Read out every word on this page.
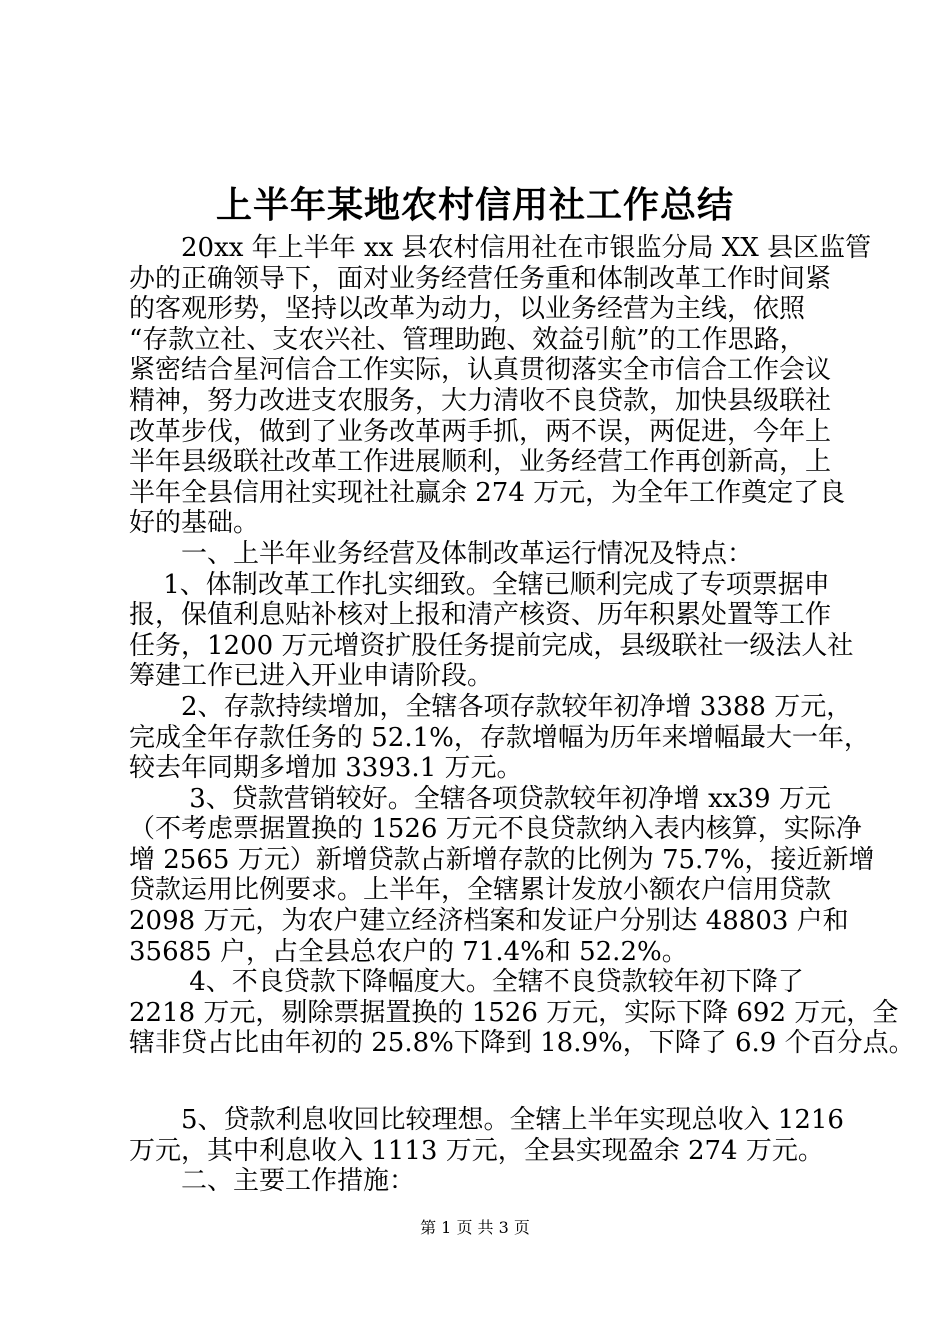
上半年某地农村信用社工作总结
　　20xx 年上半年 xx 县农村信用社在市银监分局 XX 县区监管
办的正确领导下，面对业务经营任务重和体制改革工作时间紧
的客观形势，坚持以改革为动力，以业务经营为主线，依照
“存款立社、支农兴社、管理助跑、效益引航”的工作思路，
紧密结合星河信合工作实际，认真贯彻落实全市信合工作会议
精神，努力改进支农服务，大力清收不良贷款，加快县级联社
改革步伐，做到了业务改革两手抓，两不误，两促进，今年上
半年县级联社改革工作进展顺利，业务经营工作再创新高，上
半年全县信用社实现社社赢余 274 万元，为全年工作奠定了良
好的基础。
　　一、上半年业务经营及体制改革运行情况及特点：
　 1、体制改革工作扎实细致。全辖已顺利完成了专项票据申
报，保值利息贴补核对上报和清产核资、历年积累处置等工作
任务，1200 万元增资扩股任务提前完成，县级联社一级法人社
筹建工作已进入开业申请阶段。
　　2、存款持续增加，全辖各项存款较年初净增 3388 万元，
完成全年存款任务的 52.1%，存款增幅为历年来增幅最大一年，
较去年同期多增加 3393.1 万元。
　　 3、贷款营销较好。全辖各项贷款较年初净增 xx39 万元
（不考虑票据置换的 1526 万元不良贷款纳入表内核算，实际净
增 2565 万元）新增贷款占新增存款的比例为 75.7%，接近新增
贷款运用比例要求。上半年，全辖累计发放小额农户信用贷款
2098 万元，为农户建立经济档案和发证户分别达 48803 户和
35685 户，占全县总农户的 71.4%和 52.2%。
　　 4、不良贷款下降幅度大。全辖不良贷款较年初下降了
2218 万元，剔除票据置换的 1526 万元，实际下降 692 万元，全
辖非贷占比由年初的 25.8%下降到 18.9%，下降了 6.9 个百分点。
　　5、贷款利息收回比较理想。全辖上半年实现总收入 1216
万元，其中利息收入 1113 万元，全县实现盈余 274 万元。
　　二、主要工作措施：
第 1 页 共 3 页
